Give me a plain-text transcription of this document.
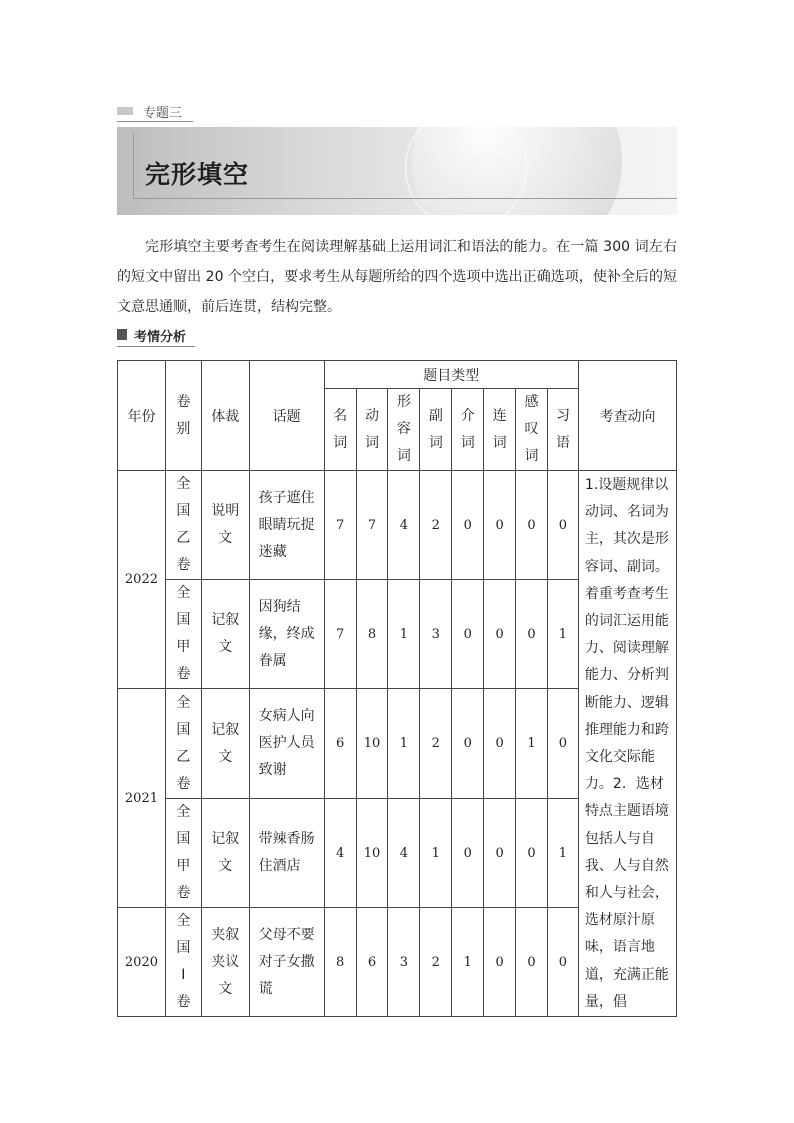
专题三
完形填空

完形填空主要考查考生在阅读理解基础上运用词汇和语法的能力。在一篇 300 词左右的短文中留出 20 个空白，要求考生从每题所给的四个选项中选出正确选项，使补全后的短文意思通顺，前后连贯，结构完整。

考情分析
年份	卷别	体裁	话题	题目类型								考查动向
				名词	动词	形容词	副词	介词	连词	感叹词	习语	
2022	全国乙卷	说明文	孩子遮住眼睛玩捉迷藏	7	7	4	2	0	0	0	0	1.设题规律以动词、名词为主，其次是形容词、副词。着重考查考生的词汇运用能力、阅读理解能力、分析判断能力、逻辑推理能力和跨文化交际能力。2．选材特点主题语境包括人与自我、人与自然和人与社会，选材原汁原味，语言地道，充满正能量，倡
	全国甲卷	记叙文	因狗结缘，终成眷属	7	8	1	3	0	0	0	1	
2021	全国乙卷	记叙文	女病人向医护人员致谢	6	10	1	2	0	0	1	0	
	全国甲卷	记叙文	带辣香肠住酒店	4	10	4	1	0	0	0	1	
2020	全国Ⅰ卷	夹叙夹议文	父母不要对子女撒谎	8	6	3	2	1	0	0	0	
